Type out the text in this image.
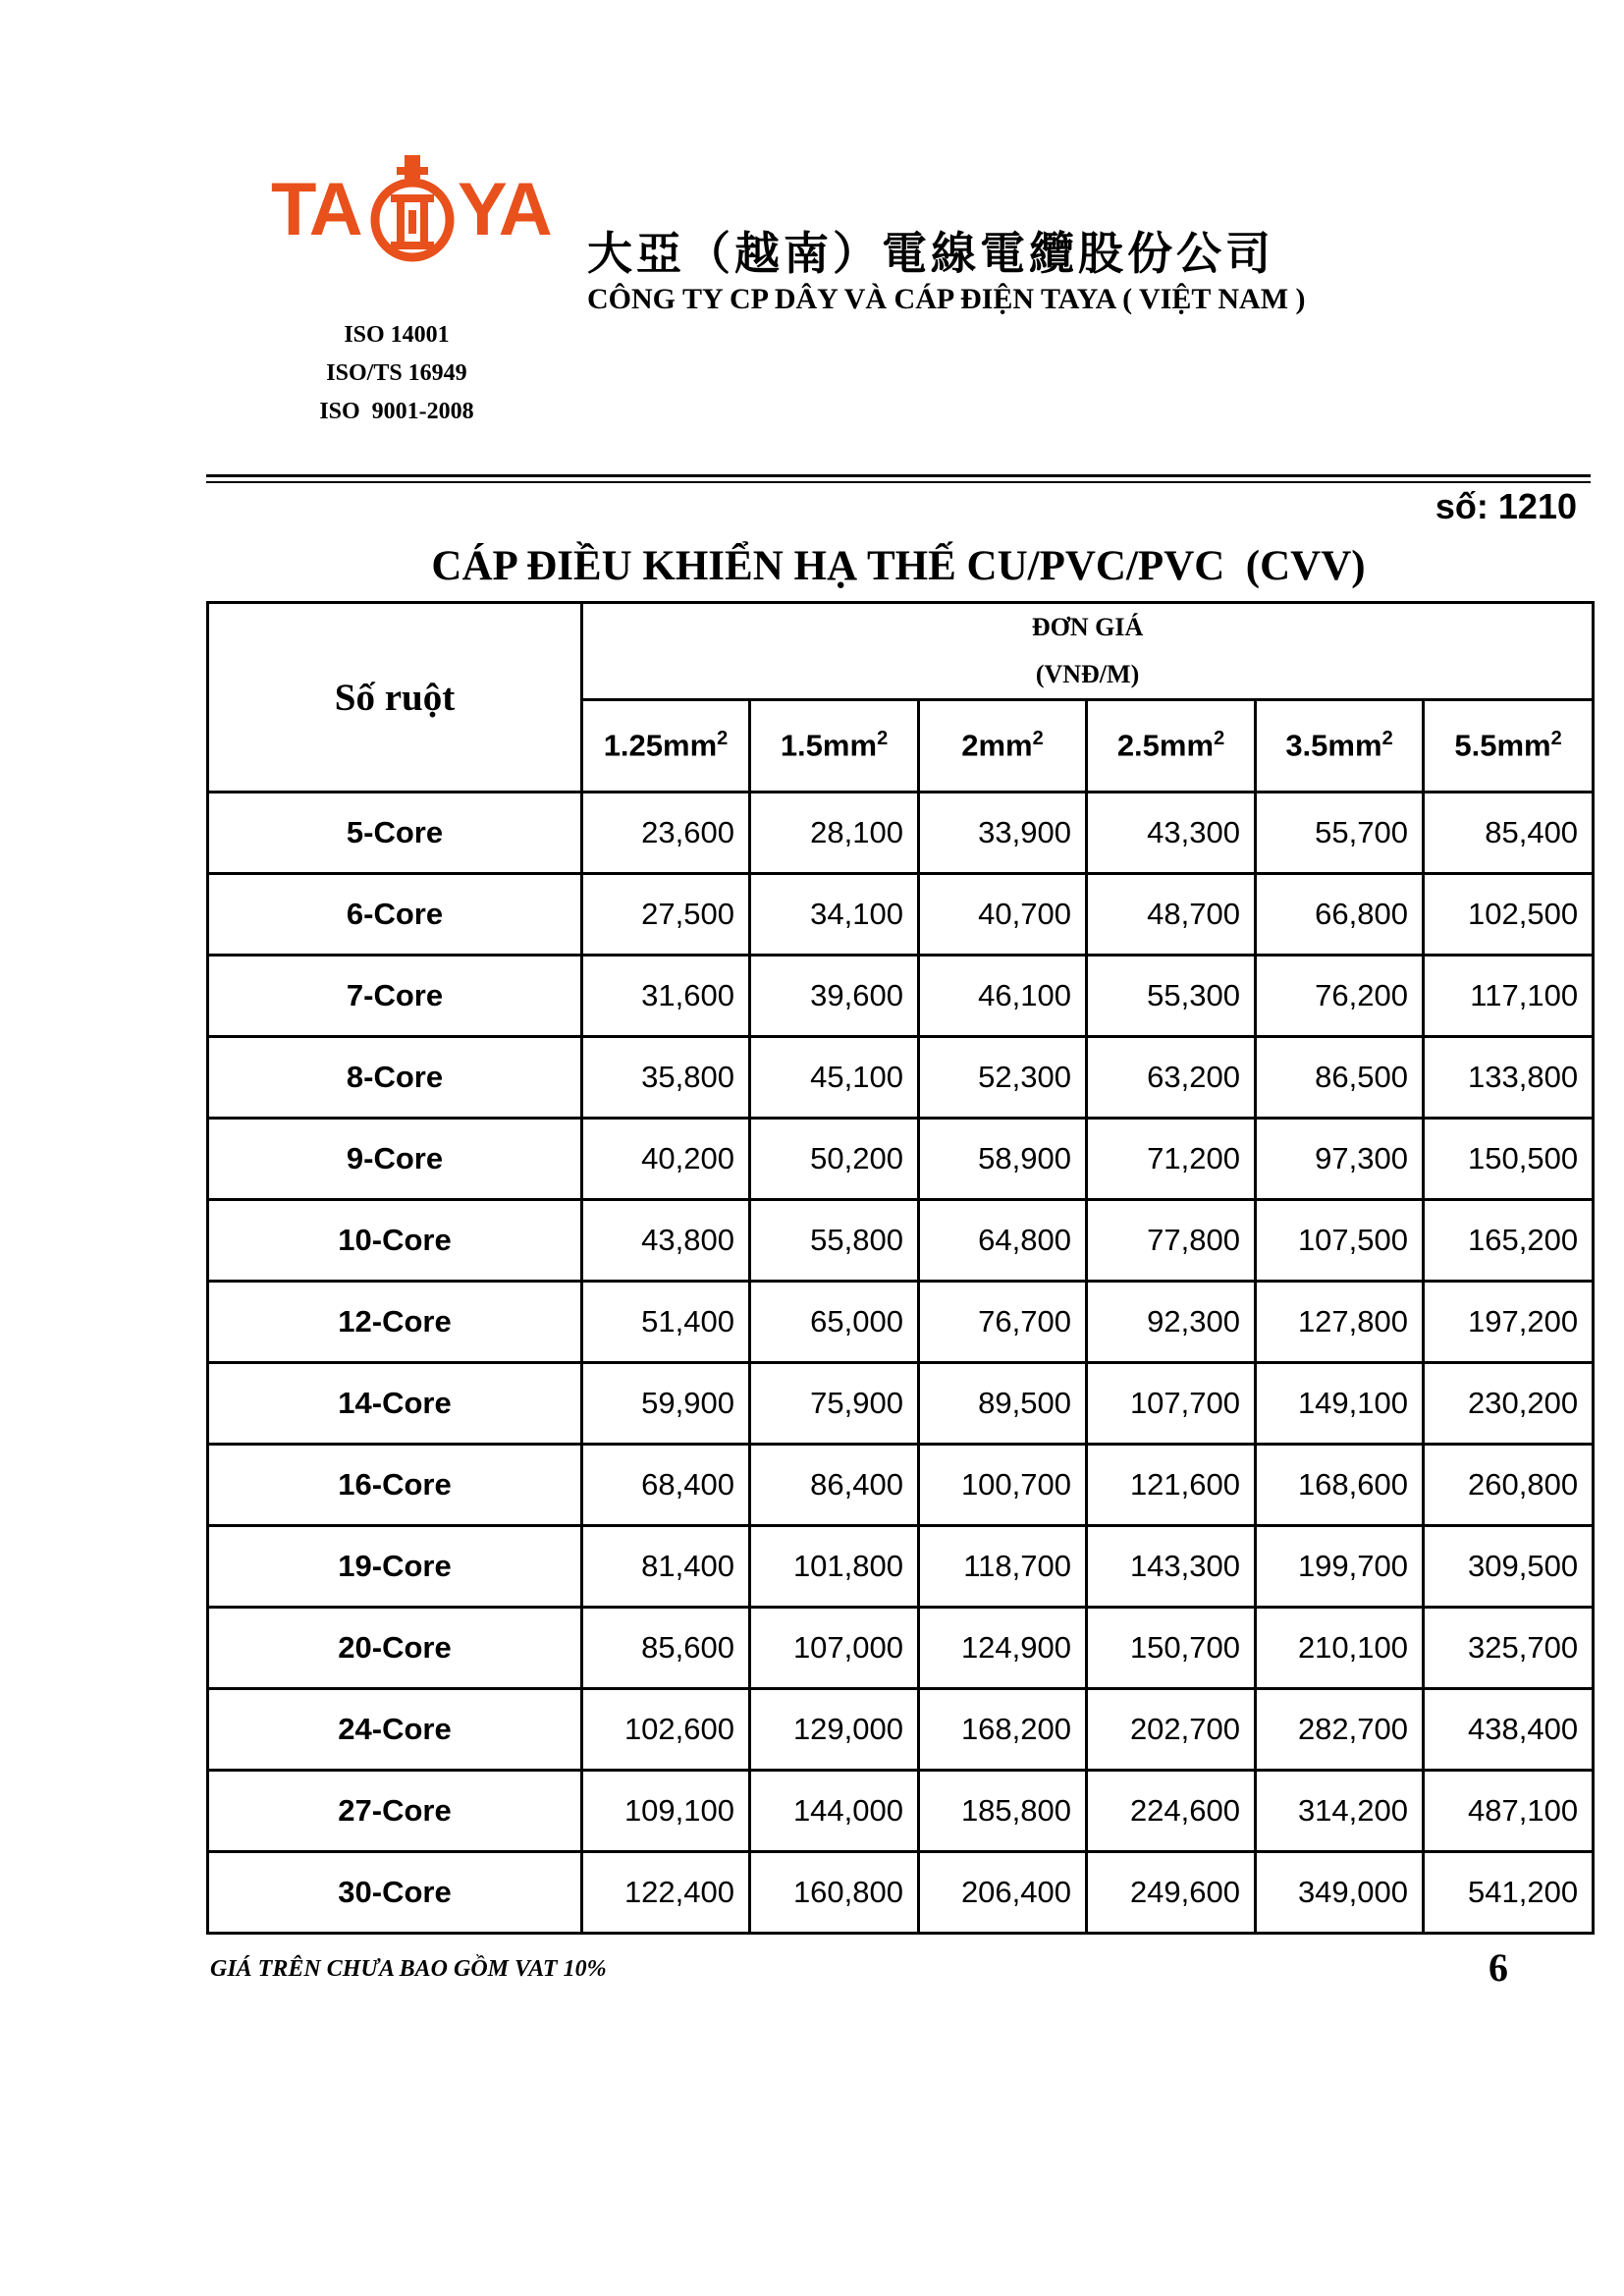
TA YA
ISO 14001
ISO/TS 16949
ISO  9001-2008
大亞（越南）電線電纜股份公司
CÔNG TY CP DÂY VÀ CÁP ĐIỆN TAYA ( VIỆT NAM )
số: 1210
CÁP ĐIỀU KHIỂN HẠ THẾ CU/PVC/PVC  (CVV)
Số ruột	ĐƠN GIÁ
(VNĐ/M)					

	$1.25mm^2$	$1.5mm^2$	$2mm^2$	$2.5mm^2$	$3.5mm^2$	$5.5mm^2$
5-Core	23,600	28,100	33,900	43,300	55,700	85,400
6-Core	27,500	34,100	40,700	48,700	66,800	102,500
7-Core	31,600	39,600	46,100	55,300	76,200	117,100
8-Core	35,800	45,100	52,300	63,200	86,500	133,800
9-Core	40,200	50,200	58,900	71,200	97,300	150,500
10-Core	43,800	55,800	64,800	77,800	107,500	165,200
12-Core	51,400	65,000	76,700	92,300	127,800	197,200
14-Core	59,900	75,900	89,500	107,700	149,100	230,200
16-Core	68,400	86,400	100,700	121,600	168,600	260,800
19-Core	81,400	101,800	118,700	143,300	199,700	309,500
20-Core	85,600	107,000	124,900	150,700	210,100	325,700
24-Core	102,600	129,000	168,200	202,700	282,700	438,400
27-Core	109,100	144,000	185,800	224,600	314,200	487,100
30-Core	122,400	160,800	206,400	249,600	349,000	541,200
GIÁ TRÊN CHƯA BAO GỒM VAT 10%	6
